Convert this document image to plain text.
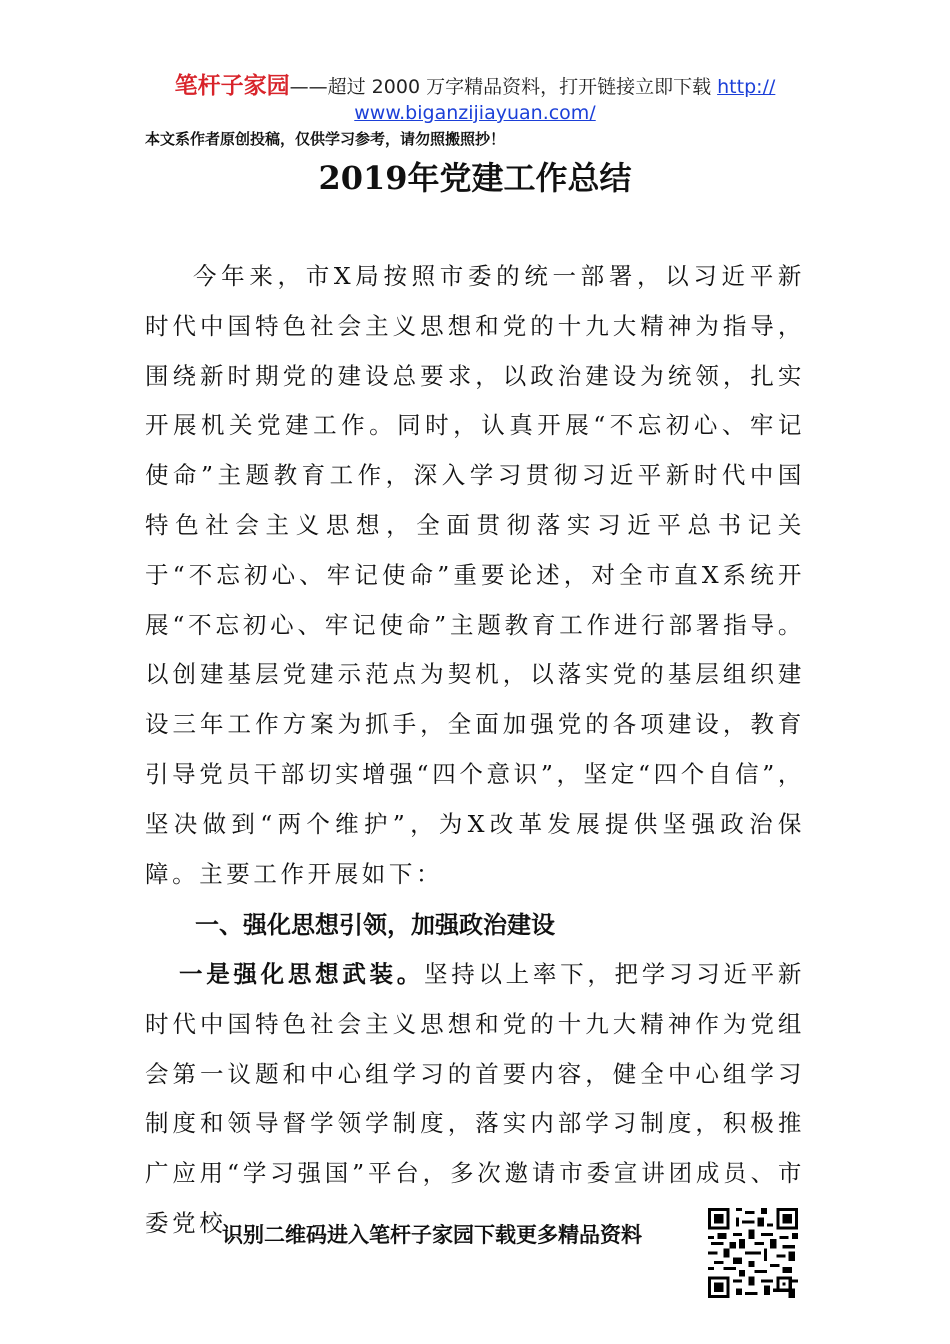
笔杆子家园——超过 2000 万字精品资料，打开链接立即下载 http://
www.biganzijiayuan.com/
本文系作者原创投稿，仅供学习参考，请勿照搬照抄！
2019年党建工作总结
今年来，市X局按照市委的统一部署，以习近平新时代中国特色社会主义思想和党的十九大精神为指导，围绕新时期党的建设总要求，以政治建设为统领，扎实开展机关党建工作。同时，认真开展“不忘初心、牢记使命”主题教育工作，深入学习贯彻习近平新时代中国特色社会主义思想，全面贯彻落实习近平总书记关于“不忘初心、牢记使命”重要论述，对全市直X系统开展“不忘初心、牢记使命”主题教育工作进行部署指导。以创建基层党建示范点为契机，以落实党的基层组织建设三年工作方案为抓手，全面加强党的各项建设，教育引导党员干部切实增强“四个意识”，坚定“四个自信”，坚决做到“两个维护”，为X改革发展提供坚强政治保障。主要工作开展如下：
一、强化思想引领，加强政治建设
一是强化思想武装。坚持以上率下，把学习习近平新时代中国特色社会主义思想和党的十九大精神作为党组会第一议题和中心组学习的首要内容，健全中心组学习制度和领导督学领学制度，落实内部学习制度，积极推广应用“学习强国”平台，多次邀请市委宣讲团成员、市委党校
识别二维码进入笔杆子家园下载更多精品资料
